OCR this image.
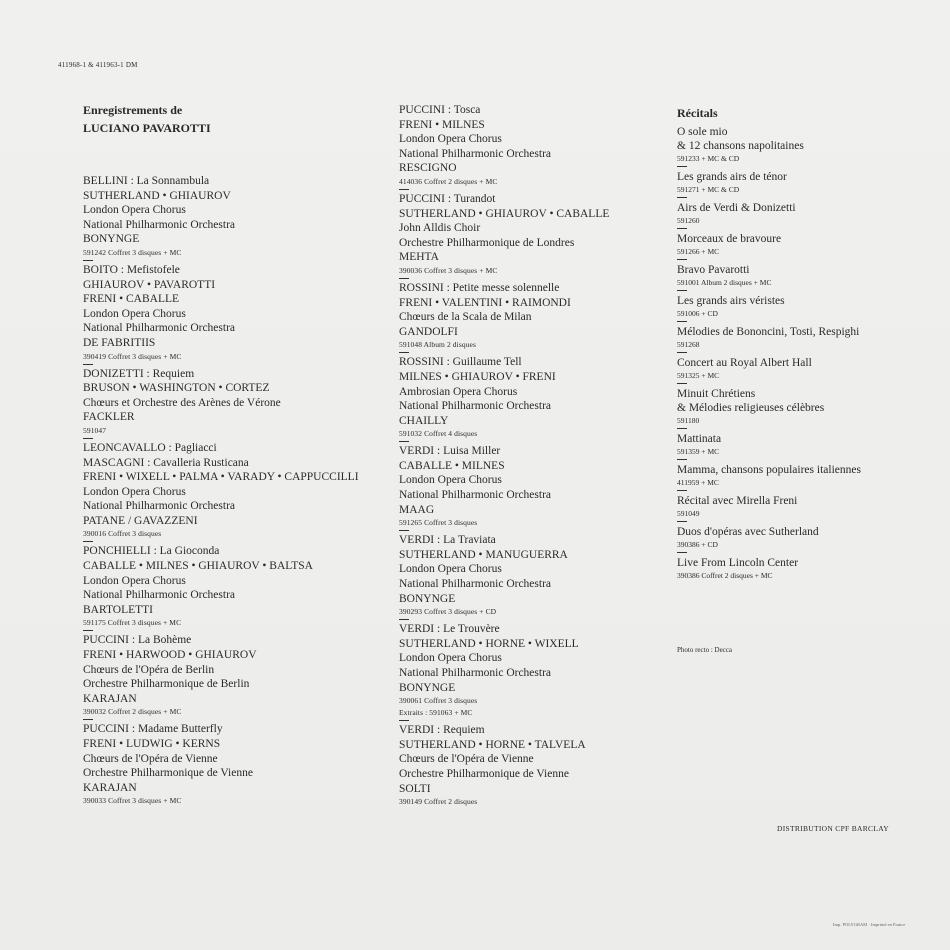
411968-1 & 411963-1 DM
Enregistrements de
LUCIANO PAVAROTTI
Récitals
BELLINI : La Sonnambula
SUTHERLAND • GHIAUROV
London Opera Chorus
National Philharmonic Orchestra
BONYNGE
591242 Coffret 3 disques + MC
BOITO : Mefistofele
GHIAUROV • PAVAROTTI
FRENI • CABALLE
London Opera Chorus
National Philharmonic Orchestra
DE FABRITIIS
390419 Coffret 3 disques + MC
DONIZETTI : Requiem
BRUSON • WASHINGTON • CORTEZ
Chœurs et Orchestre des Arènes de Vérone
FACKLER
591047
LEONCAVALLO : Pagliacci
MASCAGNI : Cavalleria Rusticana
FRENI • WIXELL • PALMA • VARADY • CAPPUCCILLI
London Opera Chorus
National Philharmonic Orchestra
PATANE / GAVAZZENI
390016 Coffret 3 disques
PONCHIELLI : La Gioconda
CABALLE • MILNES • GHIAUROV • BALTSA
London Opera Chorus
National Philharmonic Orchestra
BARTOLETTI
591175 Coffret 3 disques + MC
PUCCINI : La Bohème
FRENI • HARWOOD • GHIAUROV
Chœurs de l'Opéra de Berlin
Orchestre Philharmonique de Berlin
KARAJAN
390032 Coffret 2 disques + MC
PUCCINI : Madame Butterfly
FRENI • LUDWIG • KERNS
Chœurs de l'Opéra de Vienne
Orchestre Philharmonique de Vienne
KARAJAN
390033 Coffret 3 disques + MC
PUCCINI : Tosca
FRENI • MILNES
London Opera Chorus
National Philharmonic Orchestra
RESCIGNO
414036 Coffret 2 disques + MC
PUCCINI : Turandot
SUTHERLAND • GHIAUROV • CABALLE
John Alldis Choir
Orchestre Philharmonique de Londres
MEHTA
390036 Coffret 3 disques + MC
ROSSINI : Petite messe solennelle
FRENI • VALENTINI • RAIMONDI
Chœurs de la Scala de Milan
GANDOLFI
591048 Album 2 disques
ROSSINI : Guillaume Tell
MILNES • GHIAUROV • FRENI
Ambrosian Opera Chorus
National Philharmonic Orchestra
CHAILLY
591032 Coffret 4 disques
VERDI : Luisa Miller
CABALLE • MILNES
London Opera Chorus
National Philharmonic Orchestra
MAAG
591265 Coffret 3 disques
VERDI : La Traviata
SUTHERLAND • MANUGUERRA
London Opera Chorus
National Philharmonic Orchestra
BONYNGE
390293 Coffret 3 disques + CD
VERDI : Le Trouvère
SUTHERLAND • HORNE • WIXELL
London Opera Chorus
National Philharmonic Orchestra
BONYNGE
390061 Coffret 3 disques
Extraits : 591063 + MC
VERDI : Requiem
SUTHERLAND • HORNE • TALVELA
Chœurs de l'Opéra de Vienne
Orchestre Philharmonique de Vienne
SOLTI
390149 Coffret 2 disques
O sole mio
& 12 chansons napolitaines
591233 + MC & CD
Les grands airs de ténor
591271 + MC & CD
Airs de Verdi & Donizetti
591260
Morceaux de bravoure
591266 + MC
Bravo Pavarotti
591001 Album 2 disques + MC
Les grands airs véristes
591006 + CD
Mélodies de Bononcini, Tosti, Respighi
591268
Concert au Royal Albert Hall
591325 + MC
Minuit Chrétiens
& Mélodies religieuses célèbres
591180
Mattinata
591359 + MC
Mamma, chansons populaires italiennes
411959 + MC
Récital avec Mirella Freni
591049
Duos d'opéras avec Sutherland
390386 + CD
Live From Lincoln Center
390386 Coffret 2 disques + MC
Photo recto : Decca
DISTRIBUTION CPF BARCLAY
Imp. POLYGRAM · Imprimé en France
